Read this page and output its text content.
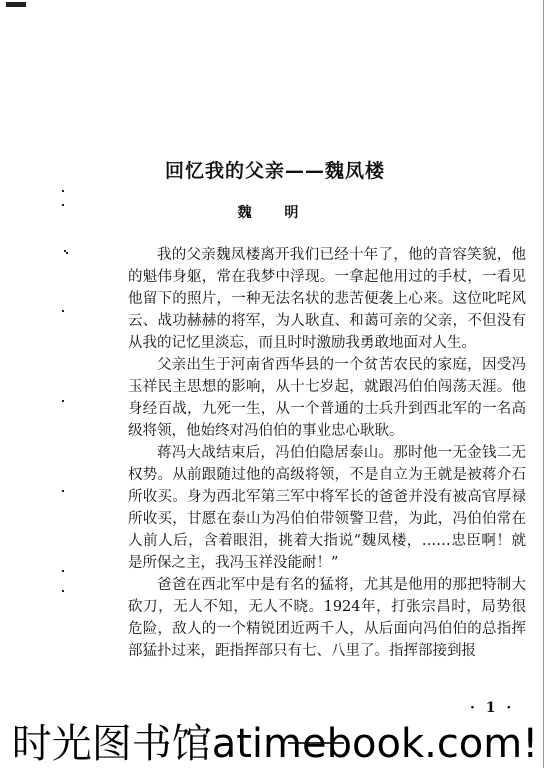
回忆我的父亲——魏凤楼
魏 明

我的父亲魏凤楼离开我们已经十年了，他的音容笑貌，他的魁伟身躯，常在我梦中浮现。一拿起他用过的手杖，一看见他留下的照片，一种无法名状的悲苦便袭上心来。这位叱咤风云、战功赫赫的将军，为人耿直、和蔼可亲的父亲，不但没有从我的记忆里淡忘，而且时时激励我勇敢地面对人生。

父亲出生于河南省西华县的一个贫苦农民的家庭，因受冯玉祥民主思想的影响，从十七岁起，就跟冯伯伯闯荡天涯。他身经百战，九死一生，从一个普通的士兵升到西北军的一名高级将领，他始终对冯伯伯的事业忠心耿耿。

蒋冯大战结束后，冯伯伯隐居泰山。那时他一无金钱二无权势。从前跟随过他的高级将领，不是自立为王就是被蒋介石所收买。身为西北军第三军中将军长的爸爸并没有被高官厚禄所收买，甘愿在泰山为冯伯伯带领警卫营，为此，冯伯伯常在人前人后，含着眼泪，挑着大指说“魏凤楼，……忠臣啊！就是所保之主，我冯玉祥没能耐！”

爸爸在西北军中是有名的猛将，尤其是他用的那把特制大砍刀，无人不知，无人不晓。1924年，打张宗昌时，局势很危险，敌人的一个精锐团近两千人，从后面向冯伯伯的总指挥部猛扑过来，距指挥部只有七、八里了。指挥部接到报

· 1 ·
时光图书馆atimebook.com!
